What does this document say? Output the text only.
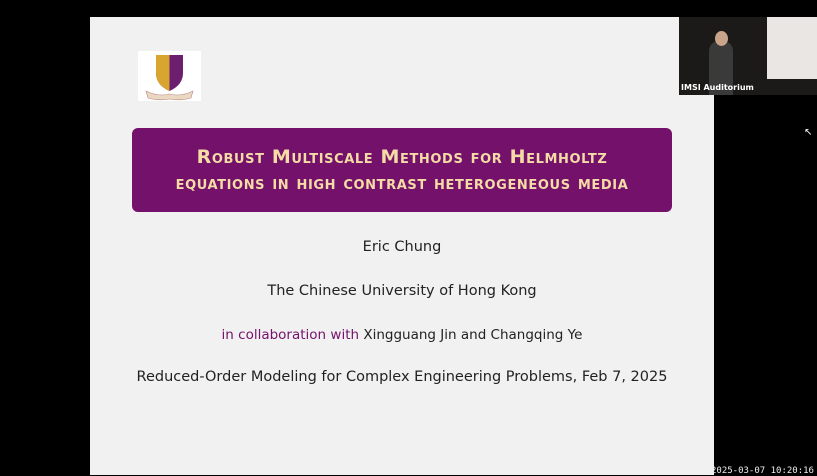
Robust Multiscale Methods for Helmholtz
equations in high contrast heterogeneous media
Eric Chung
The Chinese University of Hong Kong
in collaboration with Xingguang Jin and Changqing Ye
Reduced-Order Modeling for Complex Engineering Problems, Feb 7, 2025
IMSI Auditorium
2025-03-07 10:20:16
↖
